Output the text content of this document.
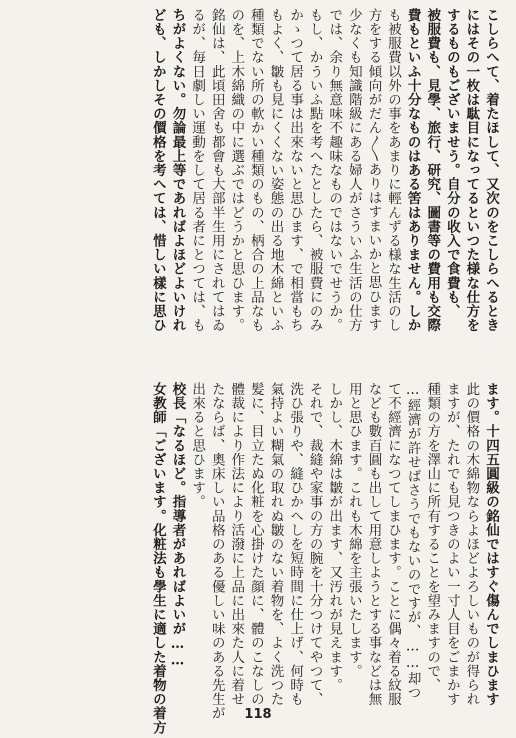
こしらへて、着たほして、又次のをこしらへるとき
にはその一枚は駄目になってるといつた様な仕方を
するものもございませう。自分の收入で食費も、
被服費も、見學、旅行、研究、圖書等の費用も交際
費もといふ十分なものはある筈はありません。しか
も被服費以外の事をあまりに輕んずる様な生活のし
方をする傾向がだん〳〵ありはすまいかと思ひます
少なくも知識階級にある婦人がさういふ生活の仕方
では、余り無意味不趣味なものではないでせうか。
もし、かういふ點を考へたとしたら、被服費にのみ
かゝつて居る事は出來ないと思ひます、で相當もち
もよく、皺も見にくくない姿態の出る地木綿といふ
種類でない所の軟かい種類のもの、柄合の上品なも
のを、上木綿織の中に選ぶではどうかと思ひます。
銘仙は、此頃田舍も都會も大部半生用にされてはゐ
るが、毎日劇しい運動をして居る者にとつては、も
ちがよくない。勿論最上等であればよほどよいけれ
ども、しかしその價格を考へては、惜しい樣に思ひ
ます。十四五圓級の銘仙ではすぐ傷んでしまひます
此の價格の木綿物ならよほどよろしいものが得られ
ますが、たれでも見つきのよい一寸人目をごまかす
種類の方を澤山に所有することを望みますので、
…經濟が許せばさうでもないのですが、……却つ
て不經濟になつてしまひます。ことに偶々着る紋服
なども數百圓も出して用意しようとする事などは無
用と思ひます。これも木綿を主張いたします。
しかし、木綿は皺が出ます、又汚れが見えます。
それで、裁縫や家事の方の腕を十分つけてやつて、
洗ひ張りや、縫ひかへしを短時間に仕上げ、何時も
氣持よい糊氣の取れぬ皺のない着物を、よく洗つた
髪に、目立たぬ化粧を心掛けた顔に、體のこなしの
體裁により作法により活潑に上品に出來た人に着せ
たならば、奧床しい品格のある優しい味のある先生が
出來ると思ひます。
校長「なるほど。指導者があればよいが……
女教師「ございます。化粧法も學生に適した着物の着方	118
